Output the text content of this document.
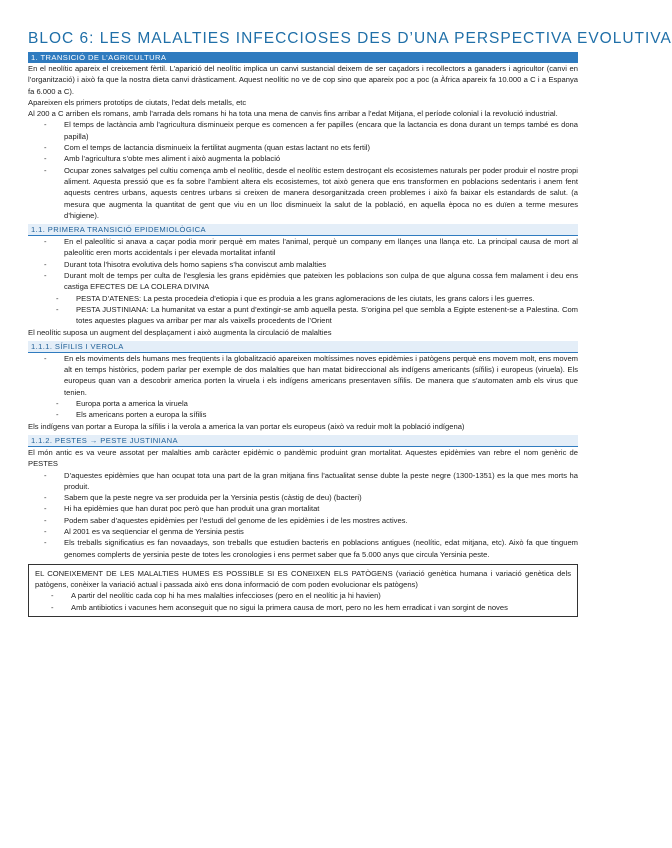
BLOC 6: LES MALALTIES INFECCIOSES DES D’UNA PERSPECTIVA EVOLUTIVA
1. TRANSICIÓ DE L’AGRICULTURA

En el neolític apareix el creixement fèrtil. L’aparició del neolític implica un canvi sustancial deixem de ser caçadors i recollectors a ganaders i agricultor (canvi en l’organització) i això fa que la nostra dieta canvi dràsticament. Aquest neolític no ve de cop sino que apareix poc a poc (a Àfrica apareix fa 10.000 a C i a Espanya fa 6.000 a C).

Apareixen els primers prototips de ciutats, l’edat dels metalls, etc

Al 200 a C arriben els romans, amb l’arrada dels romans hi ha tota una mena de canvis fins arribar a l’edat Mitjana, el període colonial i la revolució industrial.

- El temps de lactància amb l’agricultura disminueix perque es comencen a fer papilles (encara que la lactancia es dona durant un temps també es dona papilla)
- Com el temps de lactancia disminueix la fertilitat augmenta (quan estas lactant no ets fertil)
- Amb l’agricultura s’obte mes aliment i això augmenta la població
- Ocupar zones salvatges pel cultiu comença amb el neolític, desde el neolític estem destroçant els ecosistemes naturals per poder produir el nostre propi aliment. Aquesta pressió que es fa sobre l’ambient altera els ecosistemes, tot això genera que ens transformen en poblacions sedentaris i anem fent aquests centres urbans, aquests centres urbans si creixen de manera desorganitzada creen problemes i això fa baixar els estandards de salut. (a mesura que augmenta la quantitat de gent que viu en un lloc disminueix la salut de la població, en aquella època no es duïen a terme mesures d’higiene).
1.1. PRIMERA TRANSICIÓ EPIDEMIOLÒGICA
- En el paleolític si anava a caçar podia morir perquè em mates l’animal, perquè un company em llançes una llança etc. La principal causa de mort al paleolític eren morts accidentals i per elevada mortalitat infantil
- Durant tota l’hisotra evolutiva dels homo sapiens s’ha conviscut amb malalties
- Durant molt de temps per culta de l’esglesia les grans epidèmies que pateixen les poblacions son culpa de que alguna cossa fem malament i deu ens castiga EFECTES DE LA COLERA DIVINA
- PESTA D’ATENES: La pesta procedeia d’etiopia i que es produia a les grans aglomeracions de les ciutats, les grans calors i les guerres.
- PESTA JUSTINIANA: La humanitat va estar a punt d’extingir-se amb aquella pesta. S’origina pel que sembla a Egipte estenent-se a Palestina. Com totes aquestes plagues va arribar per mar als vaixells procedents de l’Orient

El neolític suposa un augment del desplaçament i això augmenta la circulació de malalties

1.1.1. SÍFILIS I VEROLA
- En els moviments dels humans mes freqüents i la globalització apareixen moltíssimes noves epidèmies i patògens perquè ens movem molt, ens movem alt en temps històrics, podem parlar per exemple de dos malalties que han matat bidireccional als indígens americants (sífilis) i europeus (viruela). Els europeus quan van a descobrir america porten la viruela i els indígens americans presentaven sífilis. De manera que s’automaten amb els virus que tenien.
- Europa porta a america la viruela
- Els americans porten a europa la sífilis

Els indígens van portar a Europa la sífilis i la verola a america la van portar els europeus (això va reduir molt la població indígena)

1.1.2. PESTES → PESTE JUSTINIANA

El món antic es va veure assotat per malalties amb caràcter epidèmic o pandèmic produint gran mortalitat. Aquestes epidèmies van rebre el nom genèric de PESTES

- D’aquestes epidèmies que han ocupat tota una part de la gran mitjana fins l’actualitat sense dubte la peste negre (1300-1351) es la que mes morts ha produit.
- Sabem que la peste negre va ser produida per la Yersinia pestis (càstig de deu) (bacteri)
- Hi ha epidèmies que han durat poc però que han produit una gran mortalitat
- Podem saber d’aquestes epidèmies per l’estudi del genome de les epidèmies i de les mostres actives.
- Al 2001 es va seqüenciar el genma de Yersinia pestis
- Els treballs significatius es fan novaadays, son treballs que estudien bacteris en poblacions antigues (neolític, edat mitjana, etc). Això fa que tinguem genomes complerts de yersinia peste de totes les cronologies i ens permet saber que fa 5.000 anys que circula Yersinia peste.

EL CONEIXEMENT DE LES MALALTIES HUMES ES POSSIBLE SI ES CONEIXEN ELS PATÒGENS (variació genètica humana i variació genètica dels patògens, conèixer la variació actual i passada això ens dona informació de com poden evolucionar els patògens)

- A partir del neolític cada cop hi ha mes malalties infeccioses (pero en el neolític ja hi havien)
- Amb antibiotics i vacunes hem aconseguit que no sigui la primera causa de mort, pero no les hem erradicat i van sorgint de noves
